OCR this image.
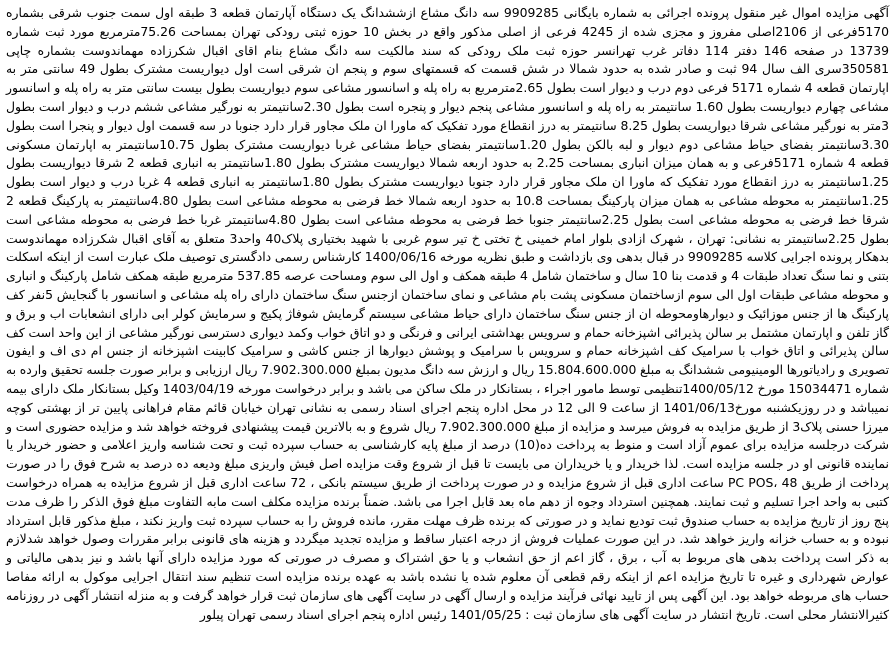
آگهی مزایده اموال غیر منقول پرونده اجرائی به شماره بایگانی 9909285 سه دانگ مشاع ازششدانگ یک دستگاه آپارتمان قطعه 3 طبقه اول سمت جنوب شرقی بشماره 5170فرعی از 2106اصلی مفروز و مجزی شده از 4245 فرعی از اصلی مذکور واقع در بخش 10 حوزه ثبتی رودکی تهران بمساحت 75.26مترمربع مورد ثبت شماره 13739 در صفحه 146 دفتر 114 دفاتر غرب تهرانسر حوزه ثبت ملک رودکی که سند مالکیت سه دانگ مشاع بنام اقای اقبال شکرزاده مهماندوست بشماره چاپی 350581سری الف سال 94 ثبت و صادر شده به حدود شمالا در شش قسمت که قسمتهای سوم و پنجم ان شرقی است اول دیواریست مشترک بطول 49 سانتی متر به اپارتمان قطعه 4 شماره 5171 فرعی دوم درب و دیوار است بطول 2.65مترمربع به راه پله و اسانسور مشاعی سوم دیواریست بطول بیست سانتی متر به راه پله و اسانسور مشاعی چهارم دیواریست بطول 1.60 سانتیمتر به راه پله و اسانسور مشاعی پنجم دیوار و پنجره است بطول 2.30سانتیمتر به نورگیر مشاعی ششم درب و دیوار است بطول 3متر به نورگیر مشاعی شرقا دیواریست بطول 8.25 سانتیمتر به درز انقطاع مورد تفکیک که ماورا ان ملک مجاور قرار دارد جنوبا در سه قسمت اول دیوار و پنجرا است بطول 3.30سانتیمتر بفضای حیاط مشاعی دوم دیوار و لبه بالکن بطول 1.20سانتیمتر بفضای حیاط مشاعی غربا دیواریست مشترک بطول 10.75سانتیمتر به اپارتمان مسکونی قطعه 4 شماره 5171فرعی و به همان میزان انباری بمساحت 2.25 به حدود اربعه شمالا دیواریست مشترک بطول 1.80سانتیمتر به انباری قطعه 2 شرقا دیواریست بطول 1.25سانتیمتر به درز انقطاع مورد تفکیک که ماورا ان ملک مجاور قرار دارد جنوبا دیواریست مشترک بطول 1.80سانتیمتر به انباری قطعه 4 غربا درب و دیوار است بطول 1.25سانتیمتر به محوطه مشاعی به همان میزان پارکینگ بمساحت 10.8 به حدود اربعه شمالا خط فرضی به محوطه مشاعی است بطول 4.80سانتیمتر به پارکینگ قطعه 2 شرقا خط فرضی به محوطه مشاعی است بطول 2.25سانتیمتر جنوبا خط فرضی به محوطه مشاعی است بطول 4.80سانتیمتر غربا خط فرضی به محوطه مشاعی است بطول 2.25سانتیمتر به نشانی: تهران ، شهرک ازادی بلوار امام خمینی خ تختی خ تیر سوم غربی با شهید بختیاری پلاک40 واحد3 متعلق به آقای اقبال شکرزاده مهماندوست بدهکار پرونده اجرایی کلاسه 9909285 در قبال بدهی وی بازداشت و طبق نظریه مورخه 1400/06/16 کارشناس رسمی دادگستری توصیف ملک عبارت است از اینکه اسکلت بتنی و نما سنگ تعداد طبقات 4 و قدمت بنا 10 سال و ساختمان شامل 4 طبقه همکف و اول الی سوم ومساحت عرصه 537.85 مترمربع طبقه همکف شامل پارکینگ و انباری و محوطه مشاعی طبقات اول الی سوم ازساختمان مسکونی پشت بام مشاعی و نمای ساختمان ازجنس سنگ ساختمان دارای راه پله مشاعی و اسانسور با گنجایش 5نفر کف پارکینگ ها از جنس موزائیک و دیوارهاومحوطه ان از جنس سنگ ساختمان دارای حیاط مشاعی سیستم گرمایش شوفاژ پکیج و سرمایش کولر ابی دارای انشعابات اب و برق و گاز تلفن و اپارتمان مشتمل بر سالن پذیرائی اشپزخانه حمام و سرویس بهداشتی ایرانی و فرنگی و دو اتاق خواب وکمد دیواری دسترسی نورگیر مشاعی از این واحد است کف سالن پذیرائی و اتاق خواب با سرامیک کف اشپزخانه حمام و سرویس با سرامیک و پوشش دیوارها از جنس کاشی و سرامیک کابینت اشپزخانه از جنس ام دی اف و ایفون تصویری و رادیاتورها الومینیومی ششدانگ به مبلغ 15.804.600.000 ریال و ارزش سه دانگ مدیون بمبلغ 7.902.300.000 ریال ارزیابی و برابر صورت جلسه تحقیق وارده به شماره 15034471 مورخ 1400/05/12تنظیمی توسط مامور اجراء ، بستانکار در ملک ساکن می باشد و برابر درخواست مورخه 1403/04/19 وکیل بستانکار ملک دارای بیمه نمیباشد و در روزیکشنبه مورخ1401/06/13 از ساعت 9 الی 12 در محل اداره پنجم اجرای اسناد رسمی به نشانی تهران خیابان قائم مقام فراهانی پایین تر از بهشتی کوچه میرزا حسنی پلاک3 از طریق مزایده به فروش میرسد و مزایده از مبلغ 7.902.300.000 ریال شروع و به بالاترین قیمت پیشنهادی فروخته خواهد شد و مزایده حضوری است و شرکت درجلسه مزایده برای عموم آزاد است و منوط به پرداخت ده(10) درصد از مبلغ پایه کارشناسی به حساب سپرده ثبت و تحت شناسه واریز اعلامی و حضور خریدار یا نماینده قانونی او در جلسه مزایده است. لذا خریدار و یا خریداران می بایست تا قبل از شروع وقت مزایده اصل فیش واریزی مبلغ ودیعه ده درصد به شرح فوق را در صورت پرداخت از طریق PC POS، 48 ساعت اداری قبل از شروع مزایده و در صورت پرداخت از طریق سیستم بانکی ، 72 ساعت اداری قبل از شروع مزایده به همراه درخواست کتبی به واحد اجرا تسلیم و ثبت نمایند. همچنین استرداد وجوه از دهم ماه بعد قابل اجرا می باشد. ضمناً برنده مزایده مکلف است مابه التفاوت مبلغ فوق الذکر را ظرف مدت پنج روز از تاریخ مزایده به حساب صندوق ثبت تودیع نماید و در صورتی که برنده ظرف مهلت مقرر، مانده فروش را به حساب سپرده ثبت واریز نکند ، مبلغ مذکور قابل استرداد نبوده و به حساب خزانه واریز خواهد شد. در این صورت عملیات فروش از درجه اعتبار ساقط و مزایده تجدید میگردد و هزینه های قانونی برابر مقررات وصول خواهد شدلازم به ذکر است پرداخت بدهی های مربوط به آب ، برق ، گاز اعم از حق انشعاب و یا حق اشتراک و مصرف در صورتی که مورد مزایده دارای آنها باشد و نیز بدهی مالیاتی و عوارض شهرداری و غیره تا تاریخ مزایده اعم از اینکه رقم قطعی آن معلوم شده یا نشده باشد به عهده برنده مزایده است تنظیم سند انتقال اجرایی موکول به ارائه مفاصا حساب های مربوطه خواهد بود. این آگهی پس از تایید نهائی فرآیند مزایده و ارسال آگهی در سایت آگهی های سازمان ثبت قرار خواهد گرفت و به منزله انتشار آگهی در روزنامه کثیرالانتشار محلی است. تاریخ انتشار در سایت آگهی های سازمان ثبت : 1401/05/25 رئیس اداره پنجم اجرای اسناد رسمی تهران پیلور
